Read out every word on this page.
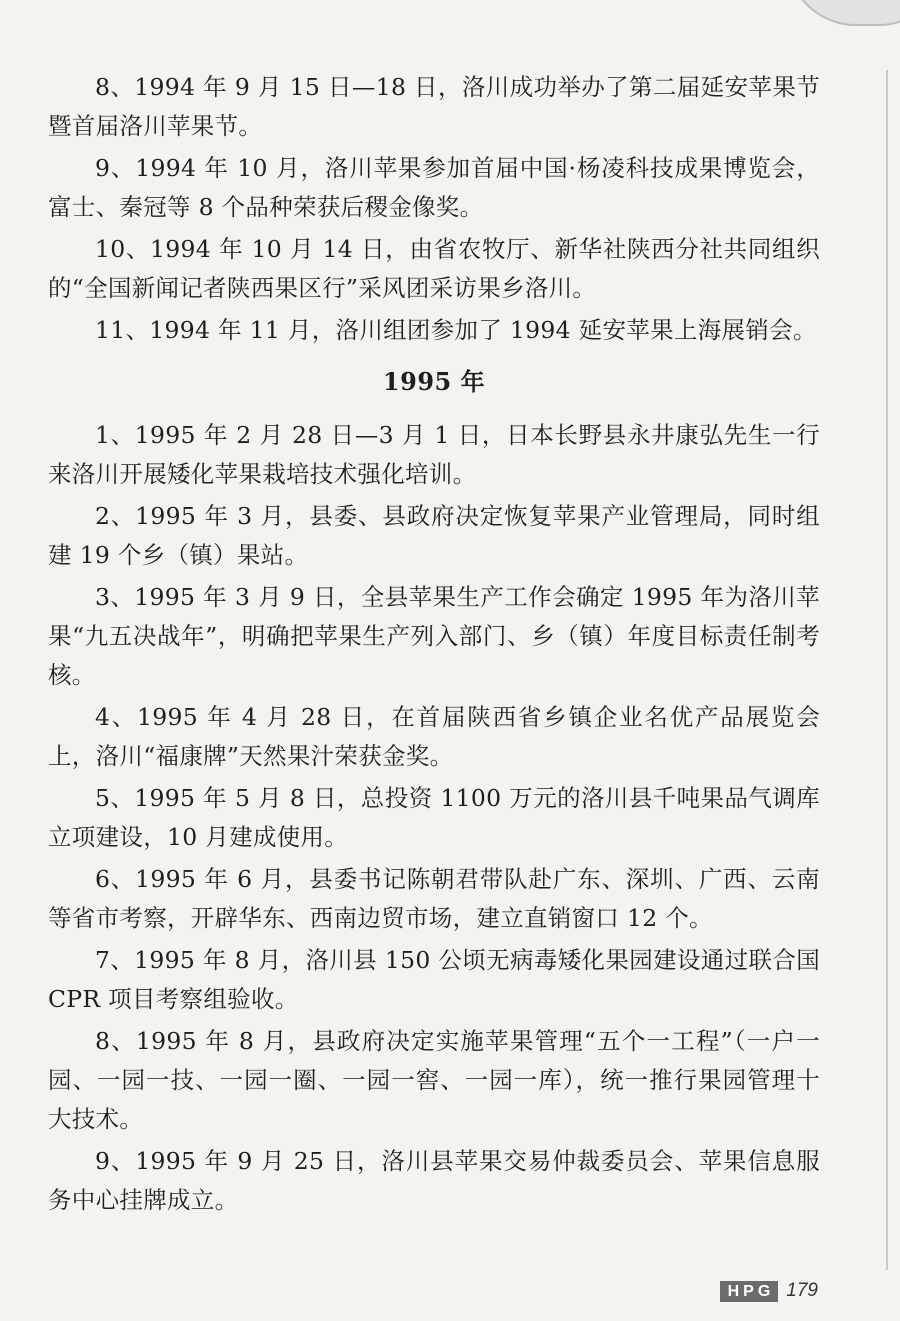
8、1994 年 9 月 15 日—18 日，洛川成功举办了第二届延安苹果节暨首届洛川苹果节。

9、1994 年 10 月，洛川苹果参加首届中国·杨凌科技成果博览会，富士、秦冠等 8 个品种荣获后稷金像奖。

10、1994 年 10 月 14 日，由省农牧厅、新华社陕西分社共同组织的“全国新闻记者陕西果区行”采风团采访果乡洛川。

11、1994 年 11 月，洛川组团参加了 1994 延安苹果上海展销会。

1995 年

1、1995 年 2 月 28 日—3 月 1 日，日本长野县永井康弘先生一行来洛川开展矮化苹果栽培技术强化培训。

2、1995 年 3 月，县委、县政府决定恢复苹果产业管理局，同时组建 19 个乡（镇）果站。

3、1995 年 3 月 9 日，全县苹果生产工作会确定 1995 年为洛川苹果“九五决战年”，明确把苹果生产列入部门、乡（镇）年度目标责任制考核。

4、1995 年 4 月 28 日，在首届陕西省乡镇企业名优产品展览会上，洛川“福康牌”天然果汁荣获金奖。

5、1995 年 5 月 8 日，总投资 1100 万元的洛川县千吨果品气调库立项建设，10 月建成使用。

6、1995 年 6 月，县委书记陈朝君带队赴广东、深圳、广西、云南等省市考察，开辟华东、西南边贸市场，建立直销窗口 12 个。

7、1995 年 8 月，洛川县 150 公顷无病毒矮化果园建设通过联合国 CPR 项目考察组验收。

8、1995 年 8 月，县政府决定实施苹果管理“五个一工程”（一户一园、一园一技、一园一圈、一园一窖、一园一库），统一推行果园管理十大技术。

9、1995 年 9 月 25 日，洛川县苹果交易仲裁委员会、苹果信息服务中心挂牌成立。

HPG 179
